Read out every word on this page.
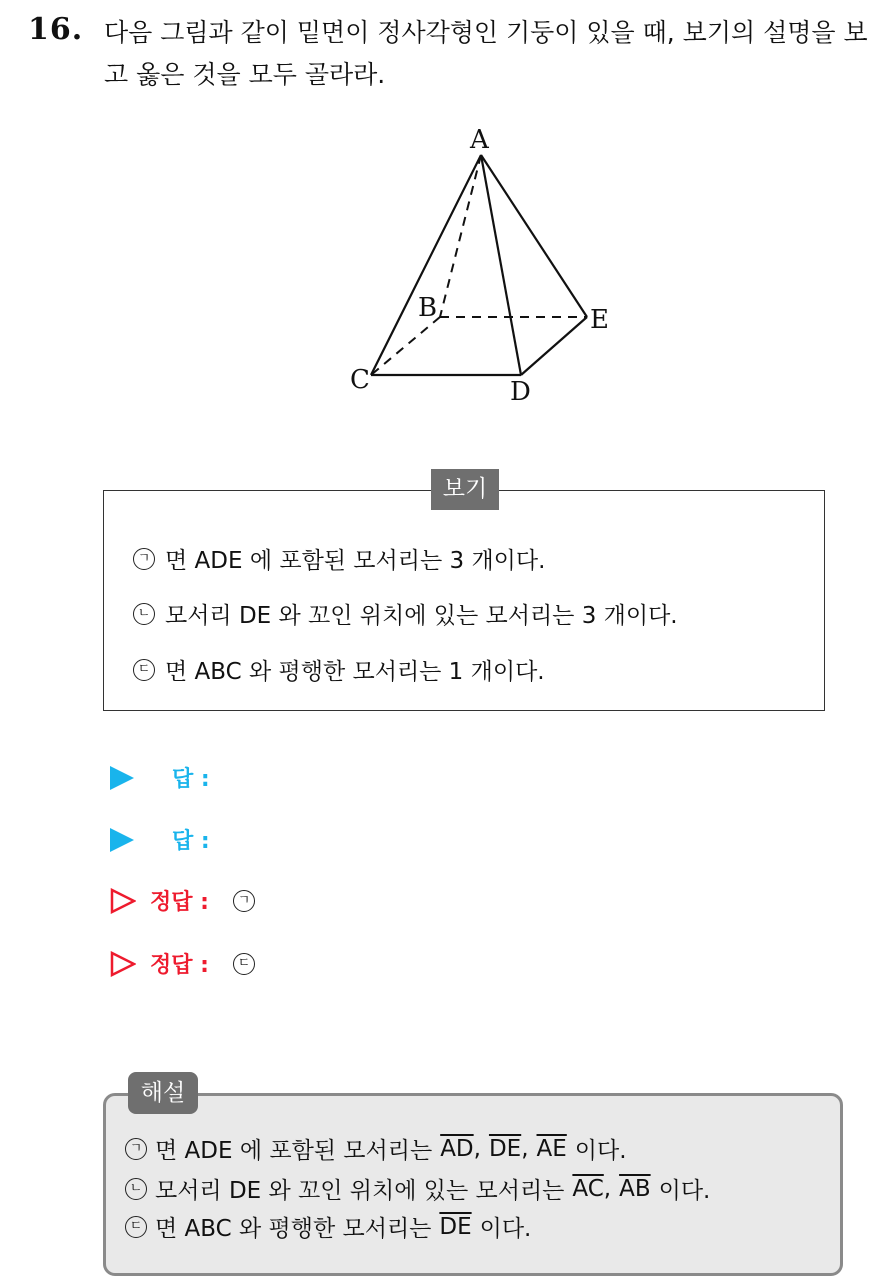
16. 다음 그림과 같이 밑면이 정사각형인 기둥이 있을 때, 보기의 설명을 보고 옳은 것을 모두 골라라.
A
B
C	D
E
보기
ㄱ 면 ADE 에 포함된 모서리는 3 개이다.
ㄴ 모서리 DE 와 꼬인 위치에 있는 모서리는 3 개이다.
ㄷ 면 ABC 와 평행한 모서리는 1 개이다.
답 :
답 :
정답 :	ㄱ
정답 :	ㄷ
해설
ㄱ 면 ADE 에 포함된 모서리는 $\overline{AD}$, $\overline{DE}$, $\overline{AE}$ 이다.
ㄴ 모서리 DE 와 꼬인 위치에 있는 모서리는 $\overline{AC}$, $\overline{AB}$ 이다.
ㄷ 면 ABC 와 평행한 모서리는 $\overline{DE}$ 이다.
